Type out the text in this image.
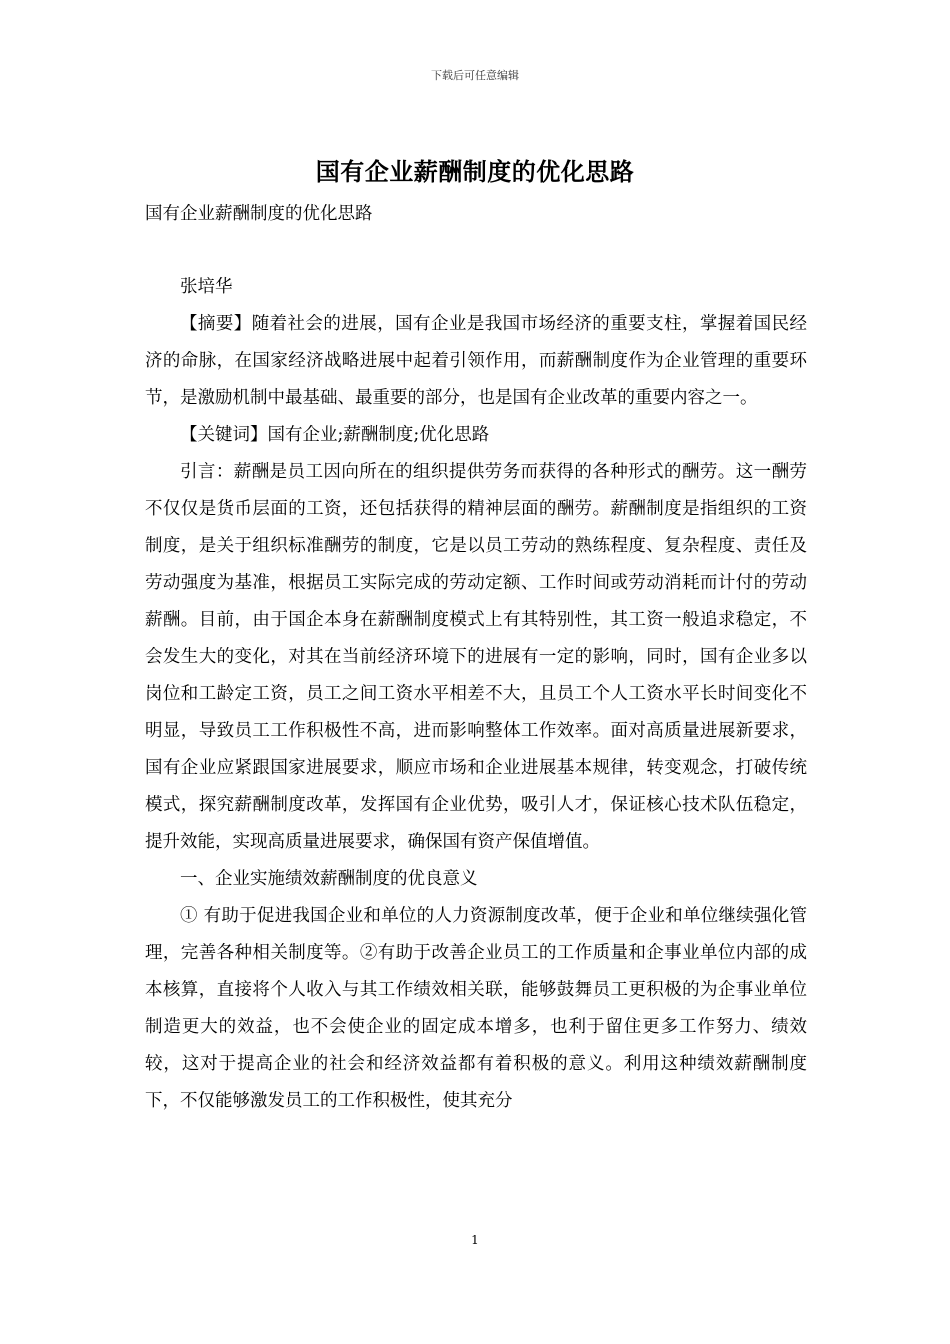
下载后可任意编辑
国有企业薪酬制度的优化思路
国有企业薪酬制度的优化思路

张培华

【摘要】随着社会的进展，国有企业是我国市场经济的重要支柱，掌握着国民经济的命脉，在国家经济战略进展中起着引领作用，而薪酬制度作为企业管理的重要环节，是激励机制中最基础、最重要的部分，也是国有企业改革的重要内容之一。

【关键词】国有企业;薪酬制度;优化思路

引言：薪酬是员工因向所在的组织提供劳务而获得的各种形式的酬劳。这一酬劳不仅仅是货币层面的工资，还包括获得的精神层面的酬劳。薪酬制度是指组织的工资制度，是关于组织标准酬劳的制度，它是以员工劳动的熟练程度、复杂程度、责任及劳动强度为基准，根据员工实际完成的劳动定额、工作时间或劳动消耗而计付的劳动薪酬。目前，由于国企本身在薪酬制度模式上有其特别性，其工资一般追求稳定，不会发生大的变化，对其在当前经济环境下的进展有一定的影响，同时，国有企业多以岗位和工龄定工资，员工之间工资水平相差不大，且员工个人工资水平长时间变化不明显，导致员工工作积极性不高，进而影响整体工作效率。面对高质量进展新要求，国有企业应紧跟国家进展要求，顺应市场和企业进展基本规律，转变观念，打破传统模式，探究薪酬制度改革，发挥国有企业优势，吸引人才，保证核心技术队伍稳定，提升效能，实现高质量进展要求，确保国有资产保值增值。

一、企业实施绩效薪酬制度的优良意义

① 有助于促进我国企业和单位的人力资源制度改革，便于企业和单位继续强化管理，完善各种相关制度等。②有助于改善企业员工的工作质量和企事业单位内部的成本核算，直接将个人收入与其工作绩效相关联，能够鼓舞员工更积极的为企事业单位制造更大的效益，也不会使企业的固定成本增多，也利于留住更多工作努力、绩效较，这对于提高企业的社会和经济效益都有着积极的意义。利用这种绩效薪酬制度下，不仅能够激发员工的工作积极性，使其充分

1
